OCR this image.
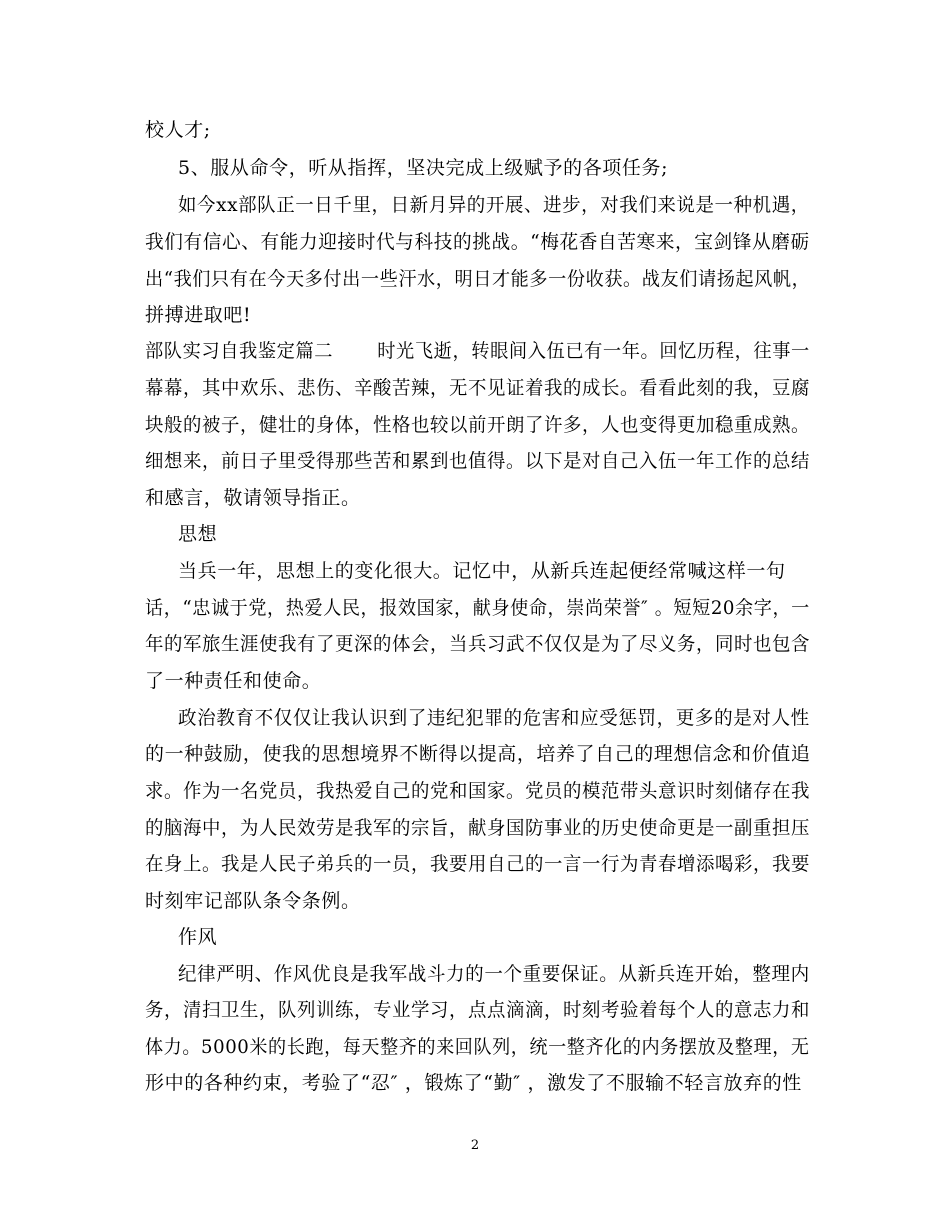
校人才;

5、服从命令，听从指挥，坚决完成上级赋予的各项任务;

如今xx部队正一日千里，日新月异的开展、进步，对我们来说是一种机遇，

我们有信心、有能力迎接时代与科技的挑战。“梅花香自苦寒来，宝剑锋从磨砺

出“我们只有在今天多付出一些汗水，明日才能多一份收获。战友们请扬起风帆，

拼搏进取吧!

部队实习自我鉴定篇二 时光飞逝，转眼间入伍已有一年。回忆历程，往事一

幕幕，其中欢乐、悲伤、辛酸苦辣，无不见证着我的成长。看看此刻的我，豆腐

块般的被子，健壮的身体，性格也较以前开朗了许多，人也变得更加稳重成熟。

细想来，前日子里受得那些苦和累到也值得。以下是对自己入伍一年工作的总结

和感言，敬请领导指正。

思想

当兵一年，思想上的变化很大。记忆中，从新兵连起便经常喊这样一句

话，“忠诚于党，热爱人民，报效国家，献身使命，崇尚荣誉″ 。短短20余字，一

年的军旅生涯使我有了更深的体会，当兵习武不仅仅是为了尽义务，同时也包含

了一种责任和使命。

政治教育不仅仅让我认识到了违纪犯罪的危害和应受惩罚，更多的是对人性

的一种鼓励，使我的思想境界不断得以提高，培养了自己的理想信念和价值追

求。作为一名党员，我热爱自己的党和国家。党员的模范带头意识时刻储存在我

的脑海中，为人民效劳是我军的宗旨，献身国防事业的历史使命更是一副重担压

在身上。我是人民子弟兵的一员，我要用自己的一言一行为青春增添喝彩，我要

时刻牢记部队条令条例。

作风

纪律严明、作风优良是我军战斗力的一个重要保证。从新兵连开始，整理内

务，清扫卫生，队列训练，专业学习，点点滴滴，时刻考验着每个人的意志力和

体力。5000米的长跑，每天整齐的来回队列，统一整齐化的内务摆放及整理，无

形中的各种约束，考验了“忍″ ，锻炼了“勤″ ，激发了不服输不轻言放弃的性

2
